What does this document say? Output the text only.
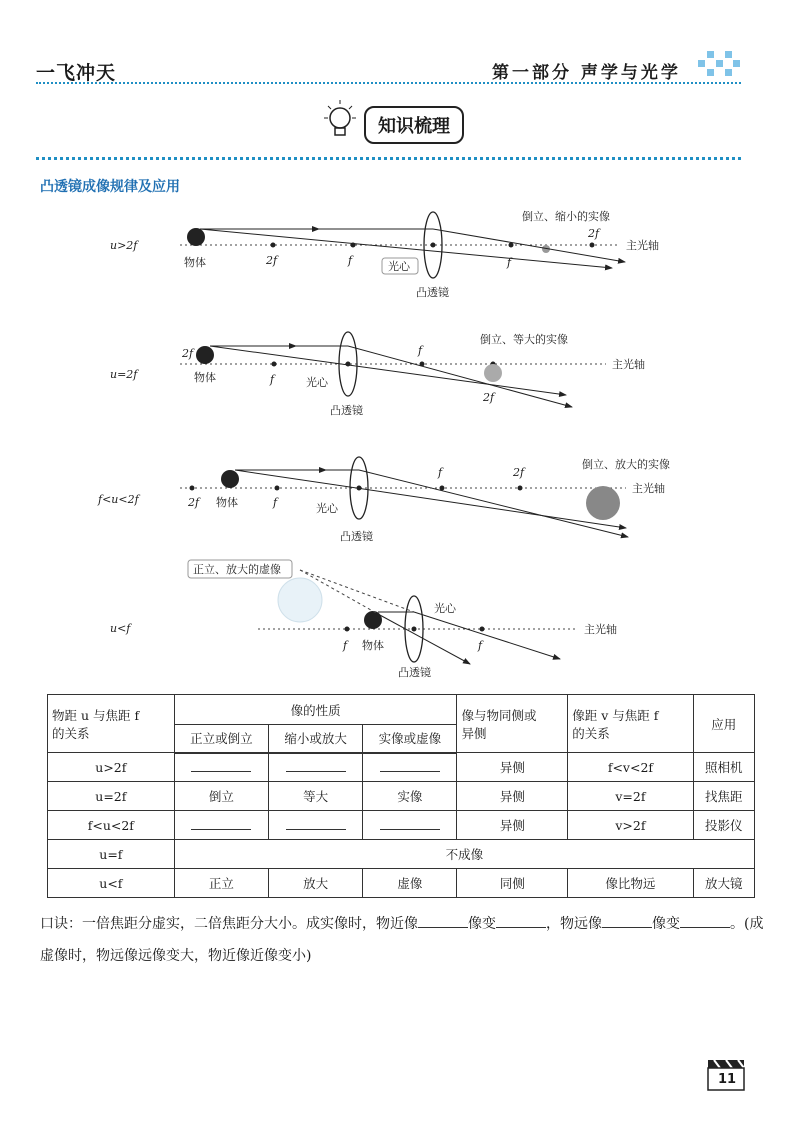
一飞冲天	第一部分 声学与光学
知识梳理
凸透镜成像规律及应用
u>2f	主光轴
物体	2f	f	光心
凸透镜
f
2f
倒立、缩小的实像
u=2f
主光轴
2f
物体	f	光心
凸透镜
f
2f
倒立、等大的实像
f<u<2f
主光轴
2f 物体	f	光心
凸透镜
f	2f
倒立、放大的实像
u<f	主光轴
正立、放大的虚像
f 物体
凸透镜
光心
f
物距 u 与焦距 f
的关系	像的性质			像与物同侧或
异侧	像距 v 与焦距 f
的关系	应用
	正立或倒立	缩小或放大	实像或虚像			
u>2f				异侧	f<v<2f	照相机
u=2f	倒立	等大	实像	异侧	v=2f	找焦距
f<u<2f				异侧	v>2f	投影仪
u=f	不成像					
u<f	正立	放大	虚像	同侧	像比物远	放大镜
口诀：一倍焦距分虚实，二倍焦距分大小。成实像时，物近像	像变	，物远像	像变	。(成虚像时，物远像远像变大，物近像近像变小)
11
